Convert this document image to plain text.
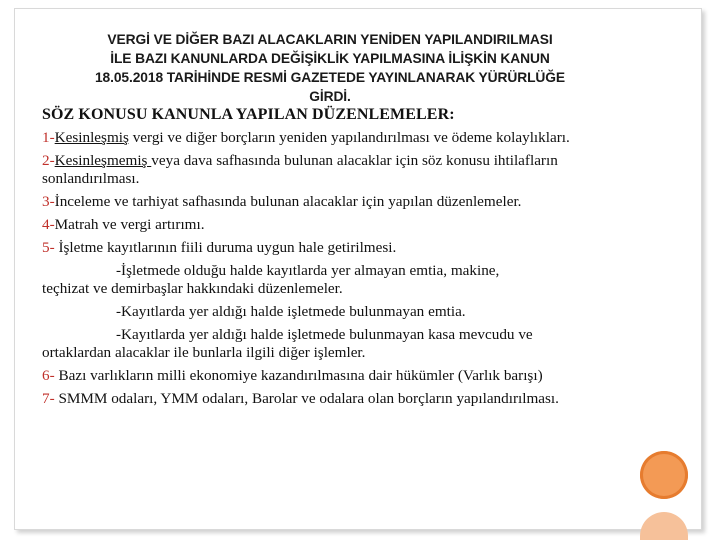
VERGİ VE DİĞER BAZI ALACAKLARIN YENİDEN YAPILANDIRILMASI
İLE BAZI KANUNLARDA DEĞİŞİKLİK YAPILMASINA İLİŞKİN KANUN
18.05.2018 TARİHİNDE RESMİ GAZETEDE YAYINLANARAK YÜRÜRLÜĞE
GİRDİ.

SÖZ KONUSU KANUNLA YAPILAN DÜZENLEMELER:

1-Kesinleşmiş vergi ve diğer borçların yeniden yapılandırılması ve ödeme kolaylıkları.

2-Kesinleşmemiş veya dava safhasında bulunan alacaklar için söz konusu ihtilafların sonlandırılması.

3-İnceleme ve tarhiyat safhasında bulunan alacaklar için yapılan düzenlemeler.

4-Matrah ve vergi artırımı.

5- İşletme kayıtlarının fiili duruma uygun hale getirilmesi.

-İşletmede olduğu halde kayıtlarda yer almayan emtia, makine,

teçhizat ve demirbaşlar hakkındaki düzenlemeler.

-Kayıtlarda yer aldığı halde işletmede bulunmayan emtia.

-Kayıtlarda yer aldığı halde işletmede bulunmayan kasa mevcudu ve

ortaklardan alacaklar ile bunlarla ilgili diğer işlemler.

6- Bazı varlıkların milli ekonomiye kazandırılmasına dair hükümler (Varlık barışı)

7- SMMM odaları, YMM odaları, Barolar ve odalara olan borçların yapılandırılması.
